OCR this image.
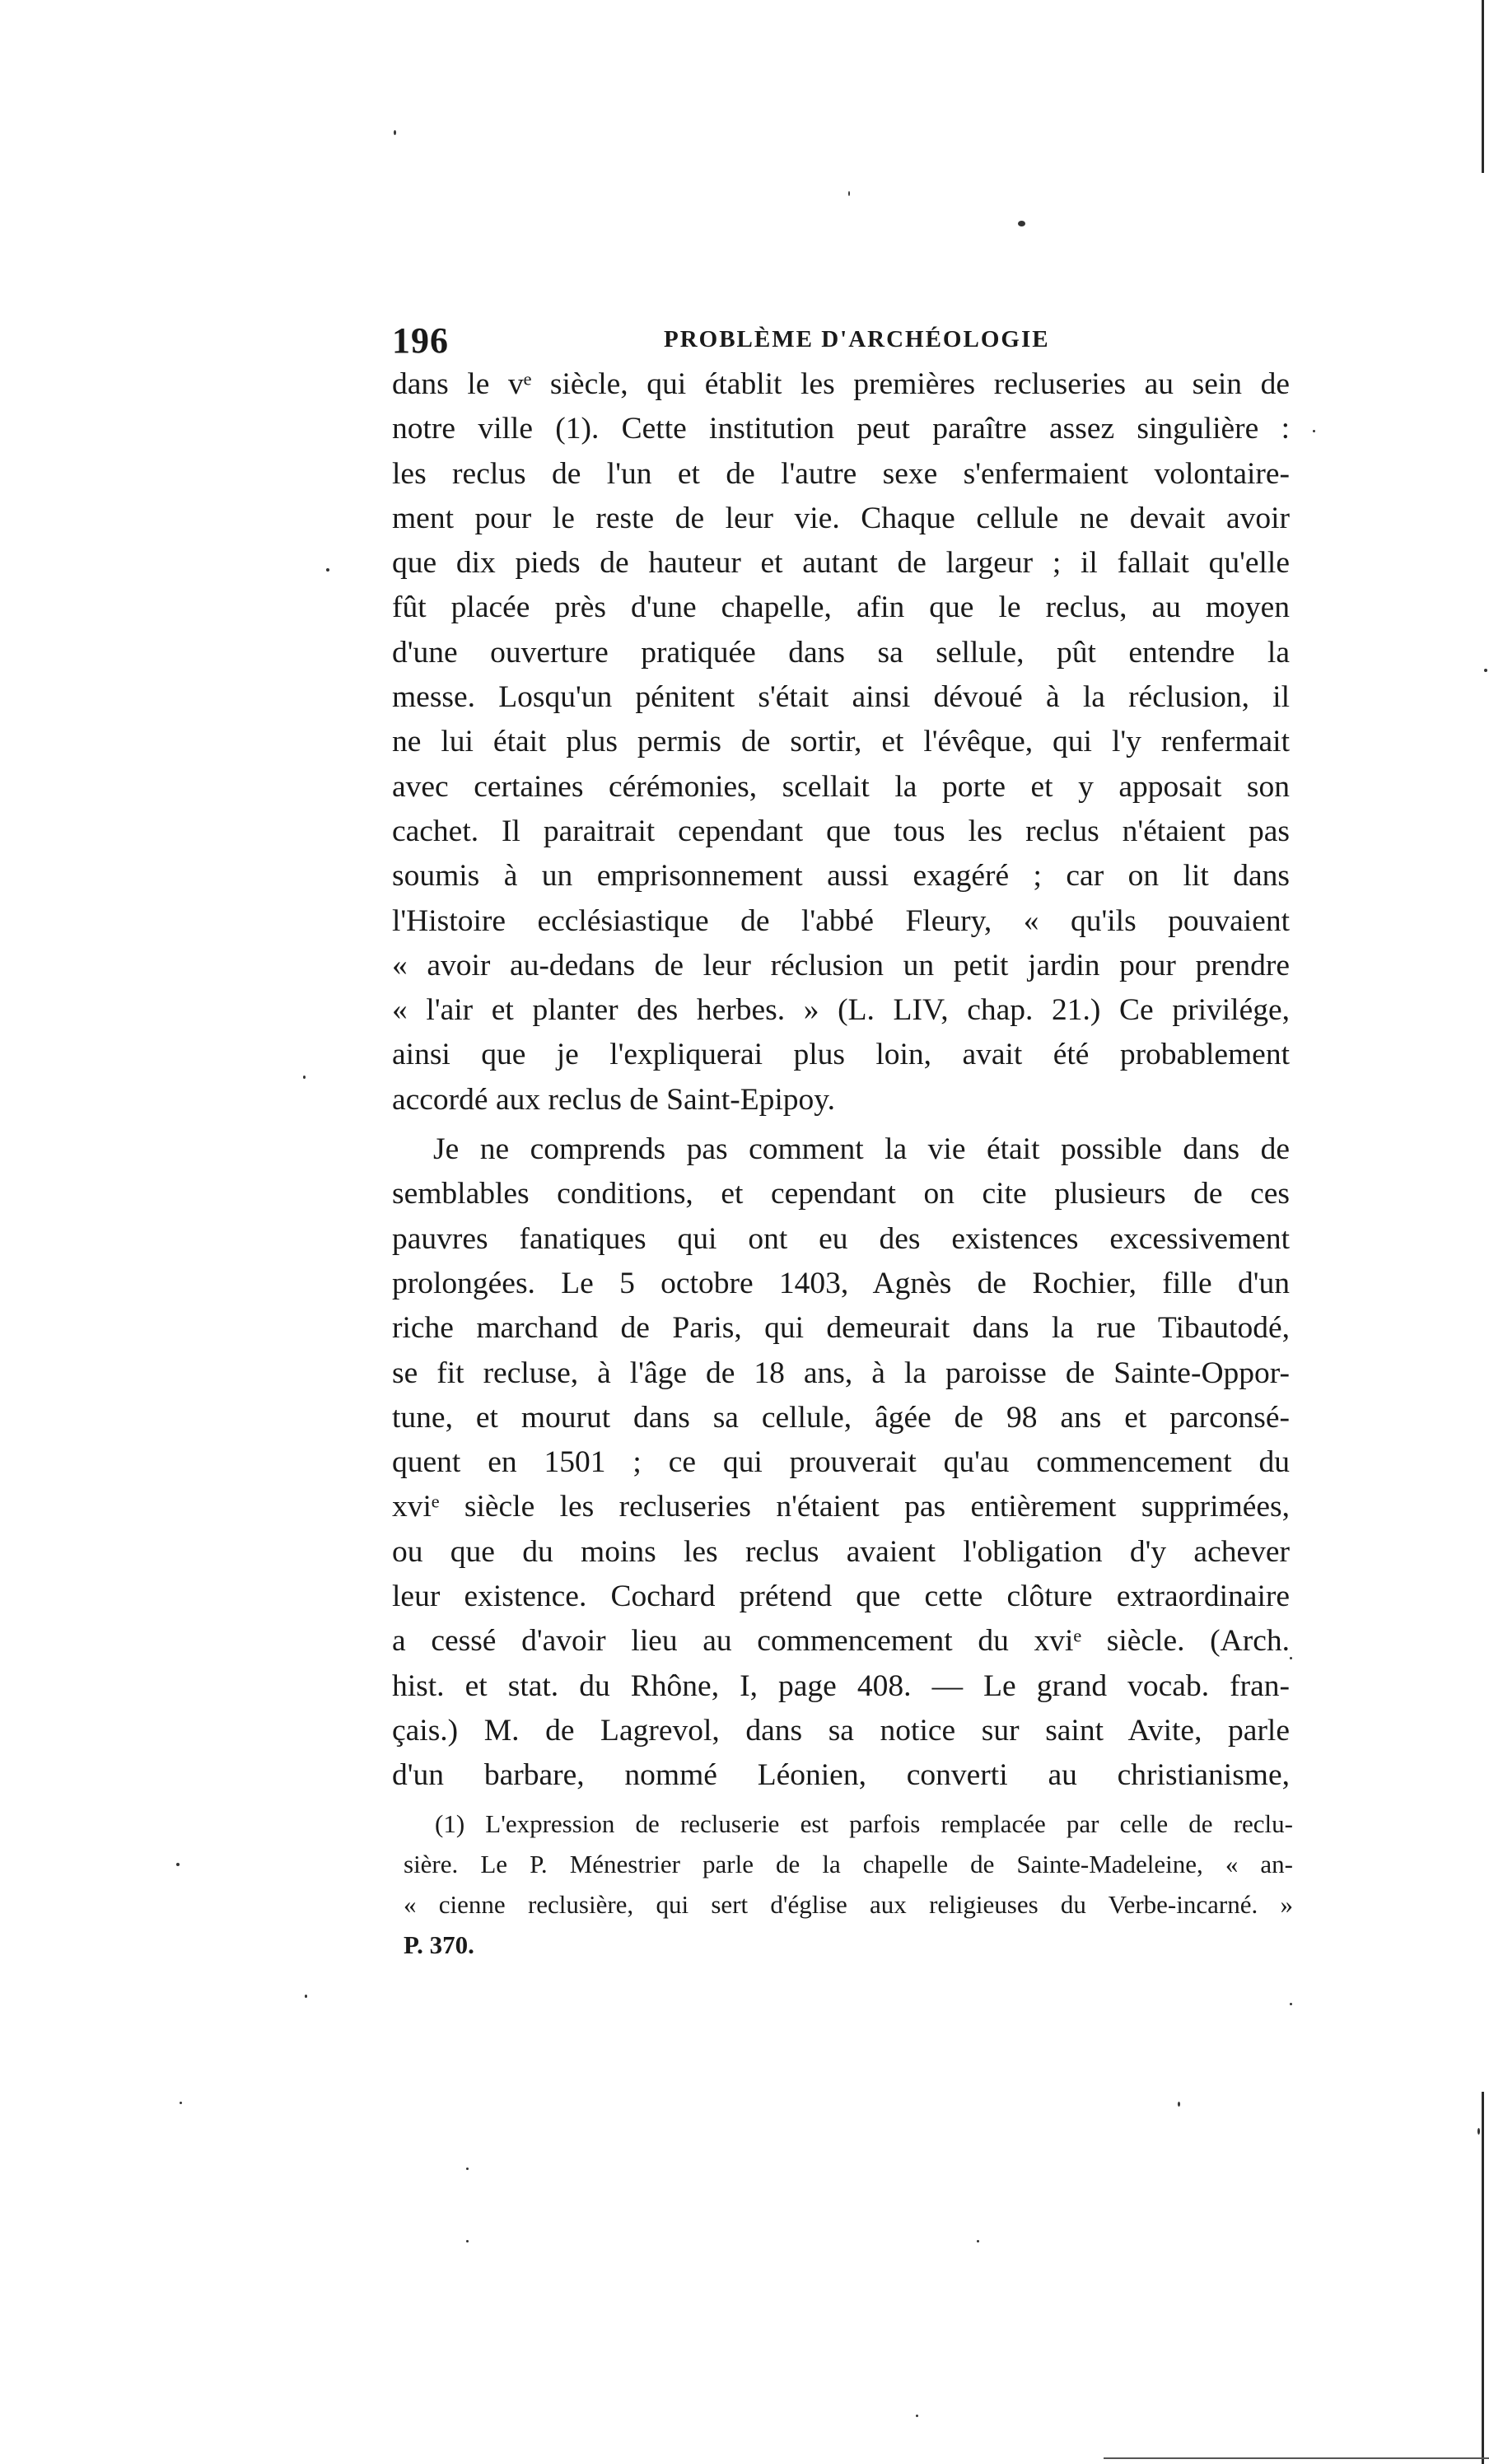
196	PROBLÈME D'ARCHÉOLOGIE
dans le vᵉ siècle, qui établit les premières recluseries au sein de
notre ville (1). Cette institution peut paraître assez singulière :
les reclus de l'un et de l'autre sexe s'enfermaient volontaire-
ment pour le reste de leur vie. Chaque cellule ne devait avoir
que dix pieds de hauteur et autant de largeur ; il fallait qu'elle
fût placée près d'une chapelle, afin que le reclus, au moyen
d'une ouverture pratiquée dans sa sellule, pût entendre la
messe. Losqu'un pénitent s'était ainsi dévoué à la réclusion, il
ne lui était plus permis de sortir, et l'évêque, qui l'y renfermait
avec certaines cérémonies, scellait la porte et y apposait son
cachet. Il paraitrait cependant que tous les reclus n'étaient pas
soumis à un emprisonnement aussi exagéré ; car on lit dans
l'Histoire ecclésiastique de l'abbé Fleury, « qu'ils pouvaient
« avoir au-dedans de leur réclusion un petit jardin pour prendre
« l'air et planter des herbes. » (L. LIV, chap. 21.) Ce privilége,
ainsi que je l'expliquerai plus loin, avait été probablement
accordé aux reclus de Saint-Epipoy.
Je ne comprends pas comment la vie était possible dans de
semblables conditions, et cependant on cite plusieurs de ces
pauvres fanatiques qui ont eu des existences excessivement
prolongées. Le 5 octobre 1403, Agnès de Rochier, fille d'un
riche marchand de Paris, qui demeurait dans la rue Tibautodé,
se fit recluse, à l'âge de 18 ans, à la paroisse de Sainte-Oppor-
tune, et mourut dans sa cellule, âgée de 98 ans et parconsé-
quent en 1501 ; ce qui prouverait qu'au commencement du
xviᵉ siècle les recluseries n'étaient pas entièrement supprimées,
ou que du moins les reclus avaient l'obligation d'y achever
leur existence. Cochard prétend que cette clôture extraordinaire
a cessé d'avoir lieu au commencement du xviᵉ siècle. (Arch.
hist. et stat. du Rhône, I, page 408. — Le grand vocab. fran-
çais.) M. de Lagrevol, dans sa notice sur saint Avite, parle
d'un barbare, nommé Léonien, converti au christianisme,
(1) L'expression de recluserie est parfois remplacée par celle de reclu-
sière. Le P. Ménestrier parle de la chapelle de Sainte-Madeleine, « an-
« cienne reclusière, qui sert d'église aux religieuses du Verbe-incarné. »
P. 370.
